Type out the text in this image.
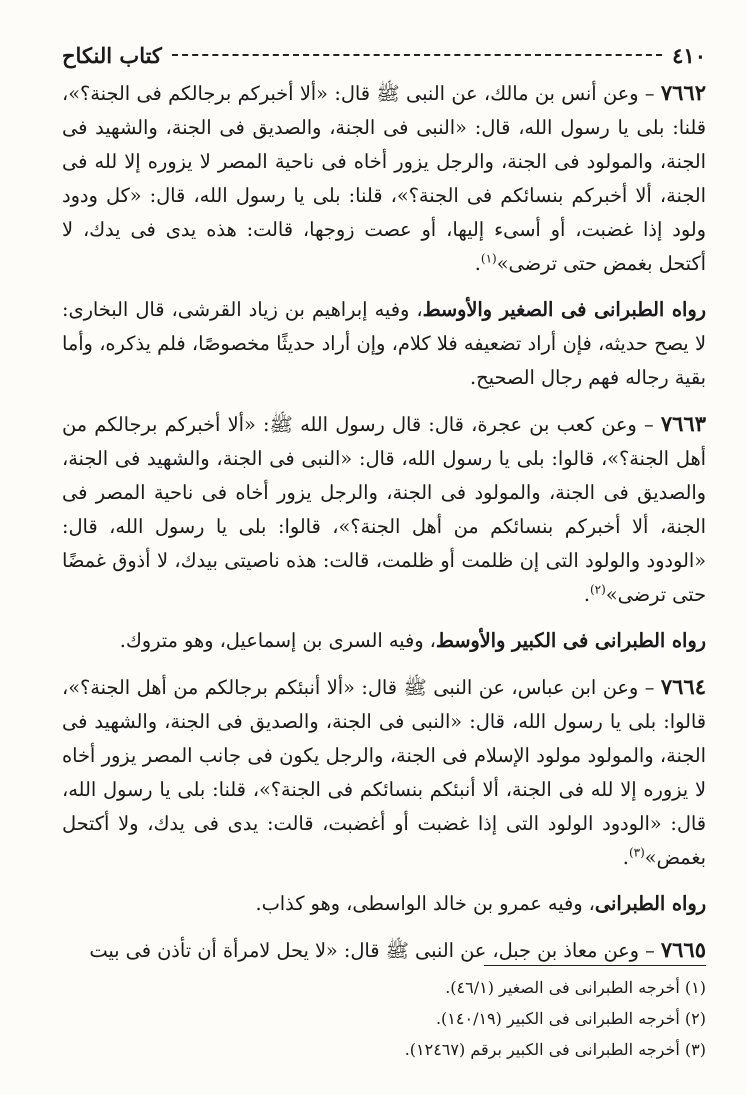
٤١٠
كتاب النكاح

٧٦٦٢ – وعن أنس بن مالك، عن النبى ﷺ قال: «ألا أخبركم برجالكم فى الجنة؟»، قلنا: بلى يا رسول الله، قال: «النبى فى الجنة، والصديق فى الجنة، والشهيد فى الجنة، والمولود فى الجنة، والرجل يزور أخاه فى ناحية المصر لا يزوره إلا لله فى الجنة، ألا أخبركم بنسائكم فى الجنة؟»، قلنا: بلى يا رسول الله، قال: «كل ودود ولود إذا غضبت، أو أسىء إليها، أو عصت زوجها، قالت: هذه يدى فى يدك، لا أكتحل بغمض حتى ترضى»$^{(١)}$.

رواه الطبرانى فى الصغير والأوسط، وفيه إبراهيم بن زياد القرشى، قال البخارى: لا يصح حديثه، فإن أراد تضعيفه فلا كلام، وإن أراد حديثًا مخصوصًا، فلم يذكره، وأما بقية رجاله فهم رجال الصحيح.

٧٦٦٣ – وعن كعب بن عجرة، قال: قال رسول الله ﷺ: «ألا أخبركم برجالكم من أهل الجنة؟»، قالوا: بلى يا رسول الله، قال: «النبى فى الجنة، والشهيد فى الجنة، والصديق فى الجنة، والمولود فى الجنة، والرجل يزور أخاه فى ناحية المصر فى الجنة، ألا أخبركم بنسائكم من أهل الجنة؟»، قالوا: بلى يا رسول الله، قال: «الودود والولود التى إن ظلمت أو ظلمت، قالت: هذه ناصيتى بيدك، لا أذوق غمضًا حتى ترضى»$^{(٢)}$.

رواه الطبرانى فى الكبير والأوسط، وفيه السرى بن إسماعيل، وهو متروك.

٧٦٦٤ – وعن ابن عباس، عن النبى ﷺ قال: «ألا أنبئكم برجالكم من أهل الجنة؟»، قالوا: بلى يا رسول الله، قال: «النبى فى الجنة، والصديق فى الجنة، والشهيد فى الجنة، والمولود مولود الإسلام فى الجنة، والرجل يكون فى جانب المصر يزور أخاه لا يزوره إلا لله فى الجنة، ألا أنبئكم بنسائكم فى الجنة؟»، قلنا: بلى يا رسول الله، قال: «الودود الولود التى إذا غضبت أو أغضبت، قالت: يدى فى يدك، ولا أكتحل بغمض»$^{(٣)}$.

رواه الطبرانى، وفيه عمرو بن خالد الواسطى، وهو كذاب.

٧٦٦٥ – وعن معاذ بن جبل، عن النبى ﷺ قال: «لا يحل لامرأة أن تأذن فى بيت

(١) أخرجه الطبرانى فى الصغير (٤٦/١).
(٢) أخرجه الطبرانى فى الكبير (١٤٠/١٩).
(٣) أخرجه الطبرانى فى الكبير برقم (١٢٤٦٧).
